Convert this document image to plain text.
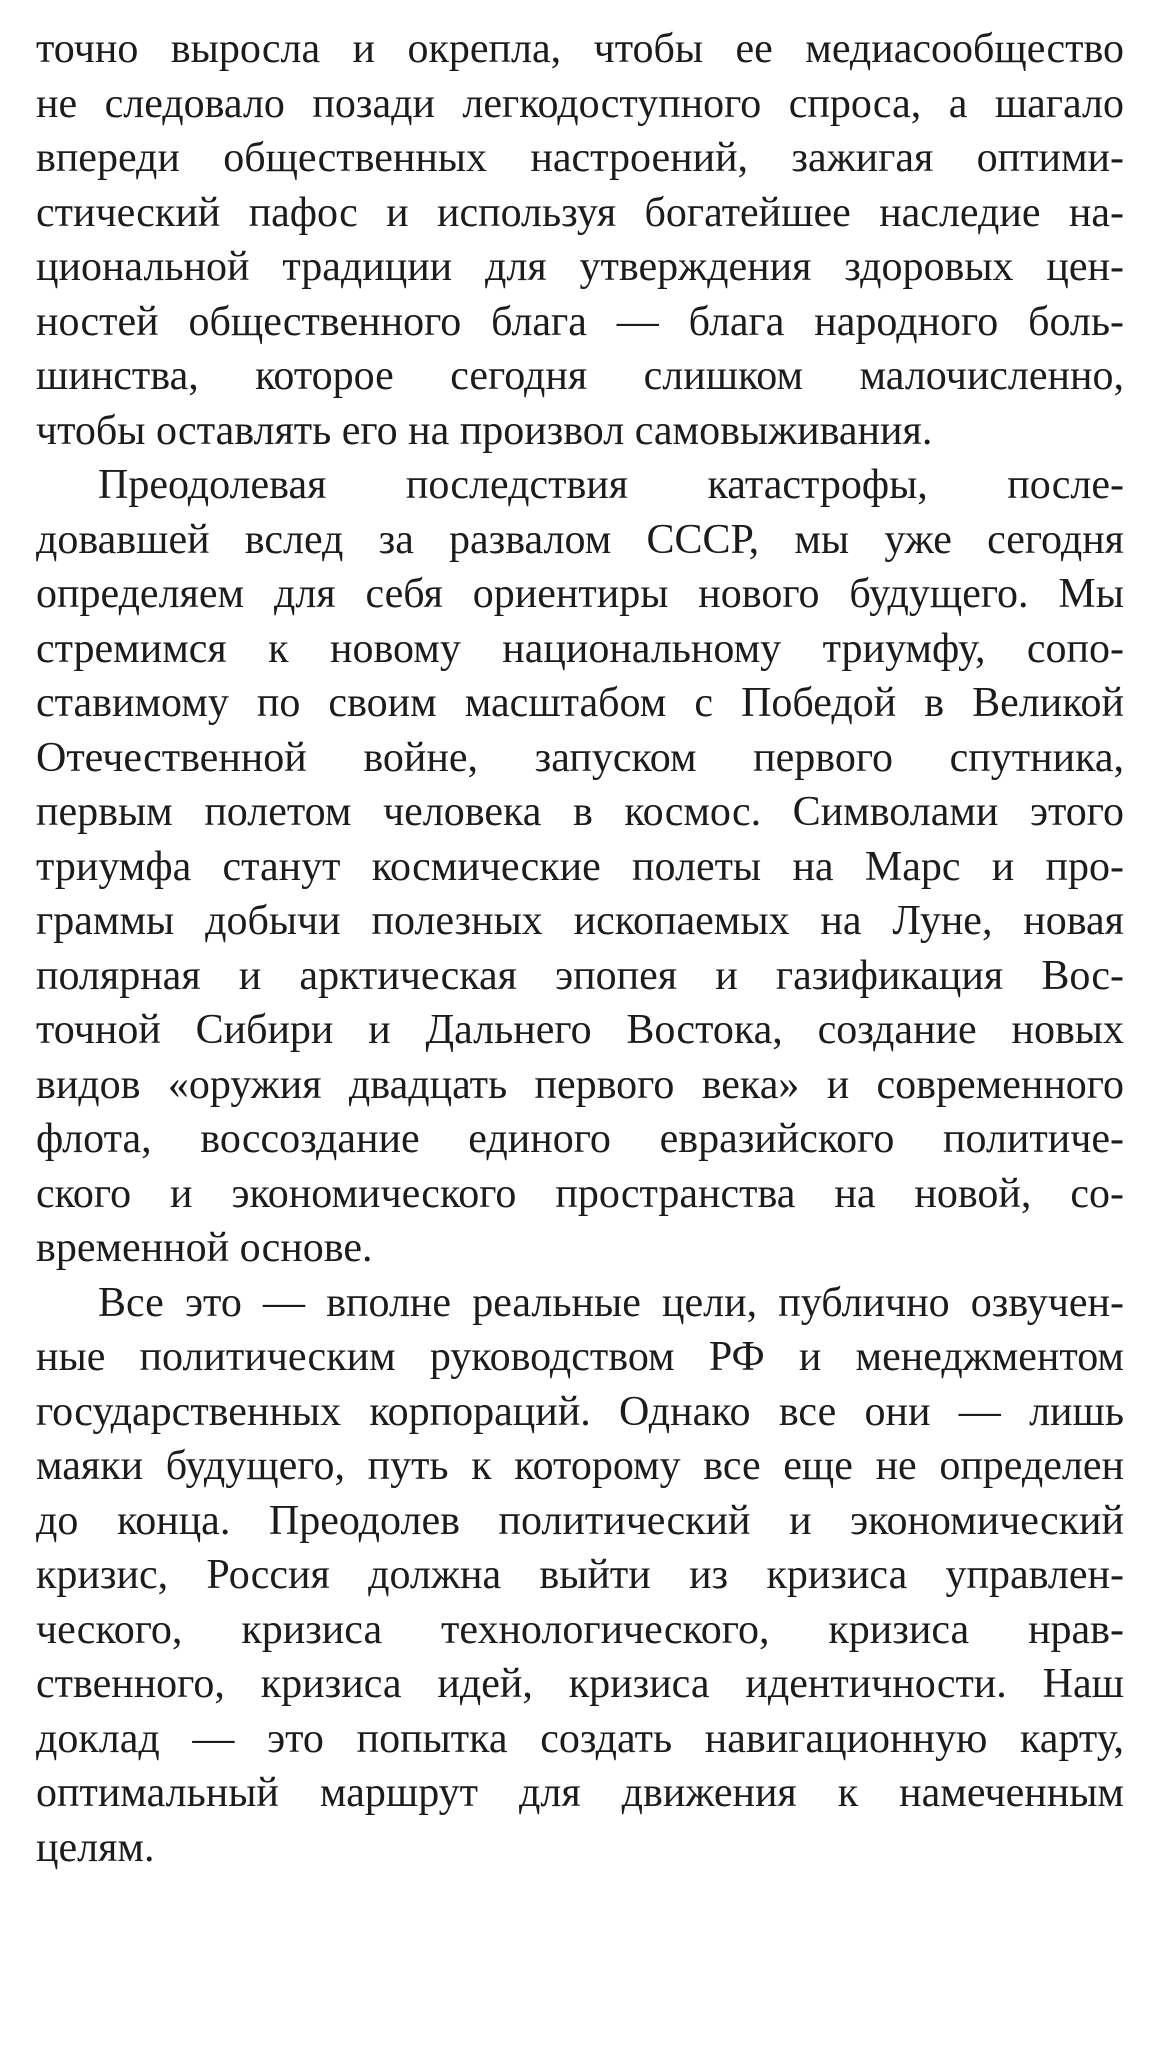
точно выросла и окрепла, чтобы ее медиасообщество
не следовало позади легкодоступного спроса, а шагало
впереди общественных настроений, зажигая оптими-
стический пафос и используя богатейшее наследие на-
циональной традиции для утверждения здоровых цен-
ностей общественного блага — блага народного боль-
шинства, которое сегодня слишком малочисленно,
чтобы оставлять его на произвол самовыживания.
Преодолевая последствия катастрофы, после-
довавшей вслед за развалом СССР, мы уже сегодня
определяем для себя ориентиры нового будущего. Мы
стремимся к новому национальному триумфу, сопо-
ставимому по своим масштабом с Победой в Великой
Отечественной войне, запуском первого спутника,
первым полетом человека в космос. Символами этого
триумфа станут космические полеты на Марс и про-
граммы добычи полезных ископаемых на Луне, новая
полярная и арктическая эпопея и газификация Вос-
точной Сибири и Дальнего Востока, создание новых
видов «оружия двадцать первого века» и современного
флота, воссоздание единого евразийского политиче-
ского и экономического пространства на новой, со-
временной основе.
Все это — вполне реальные цели, публично озвучен-
ные политическим руководством РФ и менеджментом
государственных корпораций. Однако все они — лишь
маяки будущего, путь к которому все еще не определен
до конца. Преодолев политический и экономический
кризис, Россия должна выйти из кризиса управлен-
ческого, кризиса технологического, кризиса нрав-
ственного, кризиса идей, кризиса идентичности. Наш
доклад — это попытка создать навигационную карту,
оптимальный маршрут для движения к намеченным
целям.
